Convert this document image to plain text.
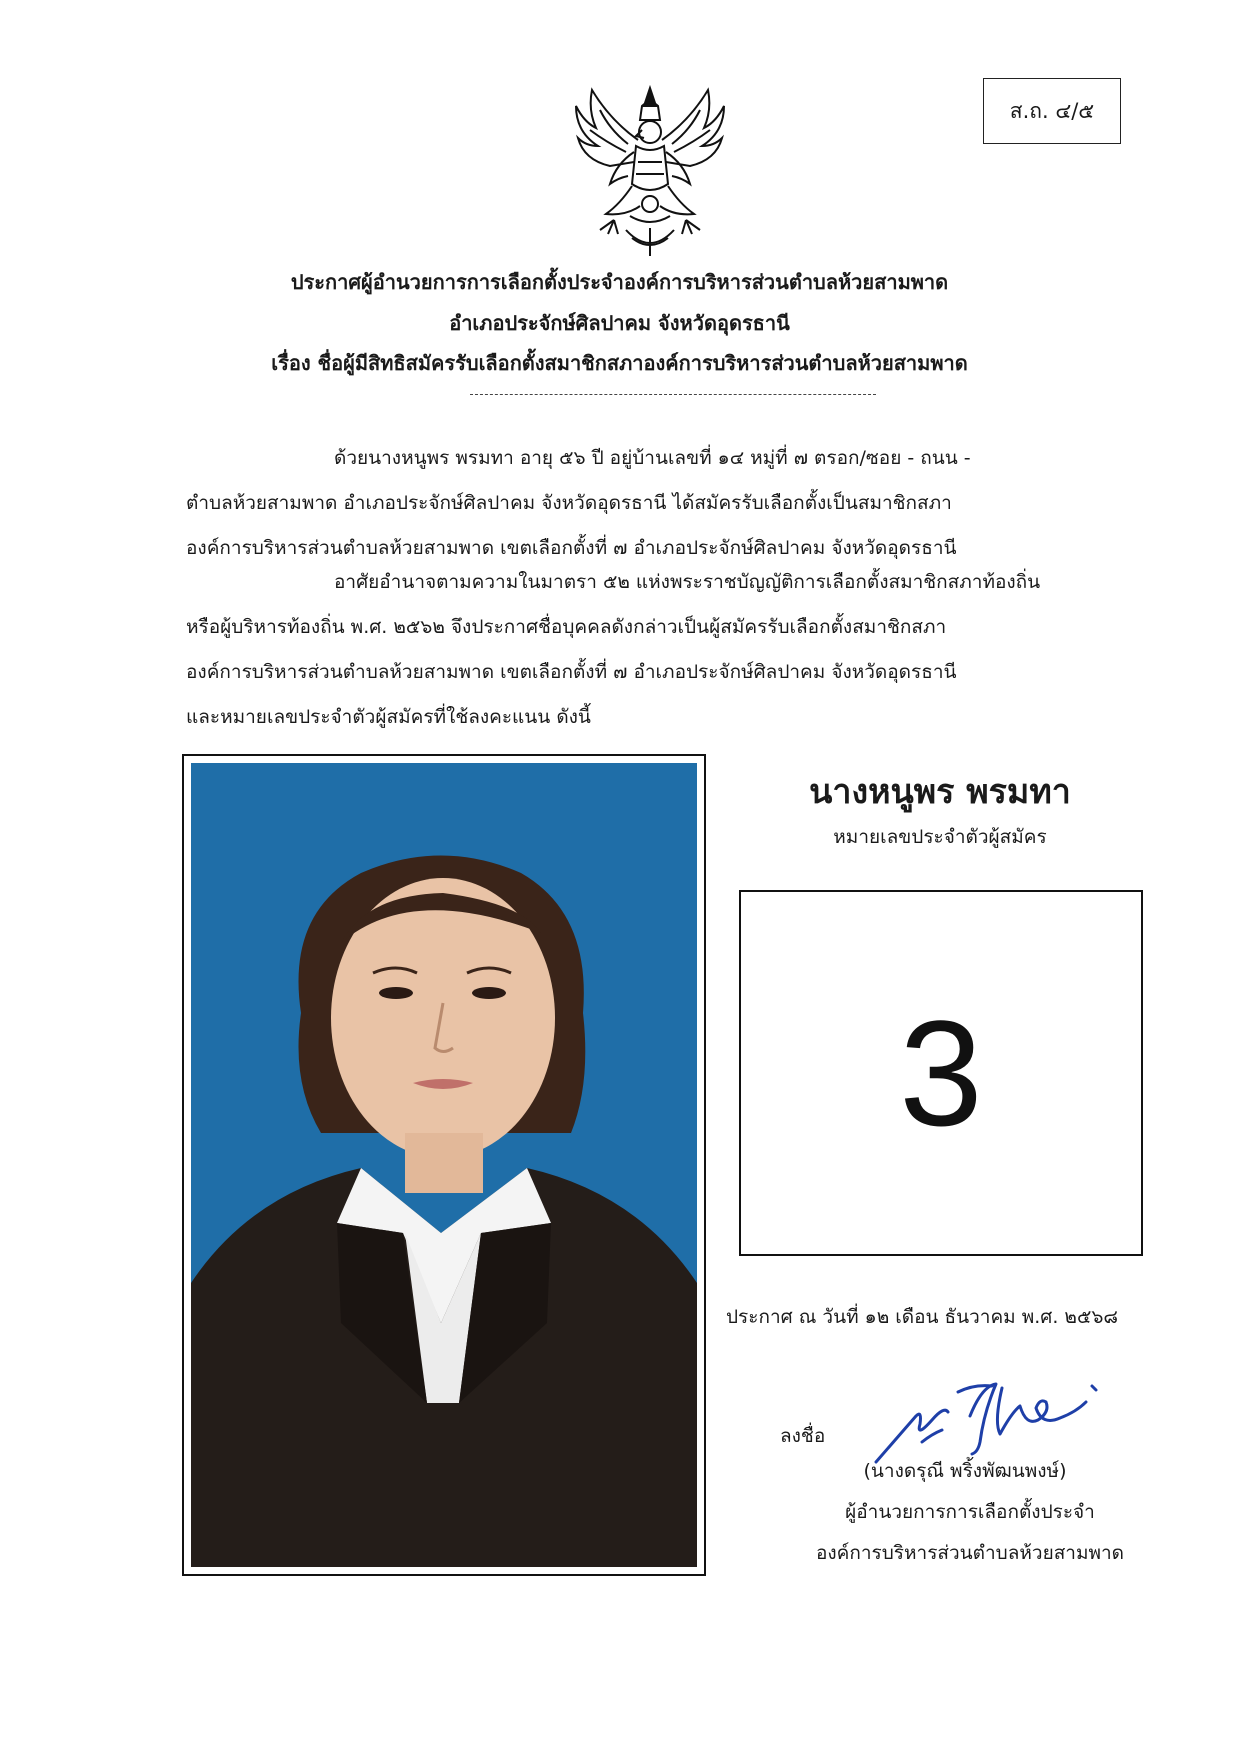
ส.ถ. ๔/๕
ประกาศผู้อำนวยการการเลือกตั้งประจำองค์การบริหารส่วนตำบลห้วยสามพาด
อำเภอประจักษ์ศิลปาคม จังหวัดอุดรธานี
เรื่อง ชื่อผู้มีสิทธิสมัครรับเลือกตั้งสมาชิกสภาองค์การบริหารส่วนตำบลห้วยสามพาด
ด้วยนางหนูพร พรมทา อายุ ๕๖ ปี อยู่บ้านเลขที่ ๑๔ หมู่ที่ ๗ ตรอก/ซอย - ถนน -
ตำบลห้วยสามพาด อำเภอประจักษ์ศิลปาคม จังหวัดอุดรธานี ได้สมัครรับเลือกตั้งเป็นสมาชิกสภา
องค์การบริหารส่วนตำบลห้วยสามพาด เขตเลือกตั้งที่ ๗ อำเภอประจักษ์ศิลปาคม จังหวัดอุดรธานี
อาศัยอำนาจตามความในมาตรา ๕๒ แห่งพระราชบัญญัติการเลือกตั้งสมาชิกสภาท้องถิ่น
หรือผู้บริหารท้องถิ่น พ.ศ. ๒๕๖๒ จึงประกาศชื่อบุคคลดังกล่าวเป็นผู้สมัครรับเลือกตั้งสมาชิกสภา
องค์การบริหารส่วนตำบลห้วยสามพาด เขตเลือกตั้งที่ ๗ อำเภอประจักษ์ศิลปาคม จังหวัดอุดรธานี
และหมายเลขประจำตัวผู้สมัครที่ใช้ลงคะแนน ดังนี้
นางหนูพร พรมทา
หมายเลขประจำตัวผู้สมัคร
3
ประกาศ ณ วันที่ ๑๒ เดือน ธันวาคม พ.ศ. ๒๕๖๘
ลงชื่อ
(นางดรุณี พริ้งพัฒนพงษ์)
ผู้อำนวยการการเลือกตั้งประจำ
องค์การบริหารส่วนตำบลห้วยสามพาด
